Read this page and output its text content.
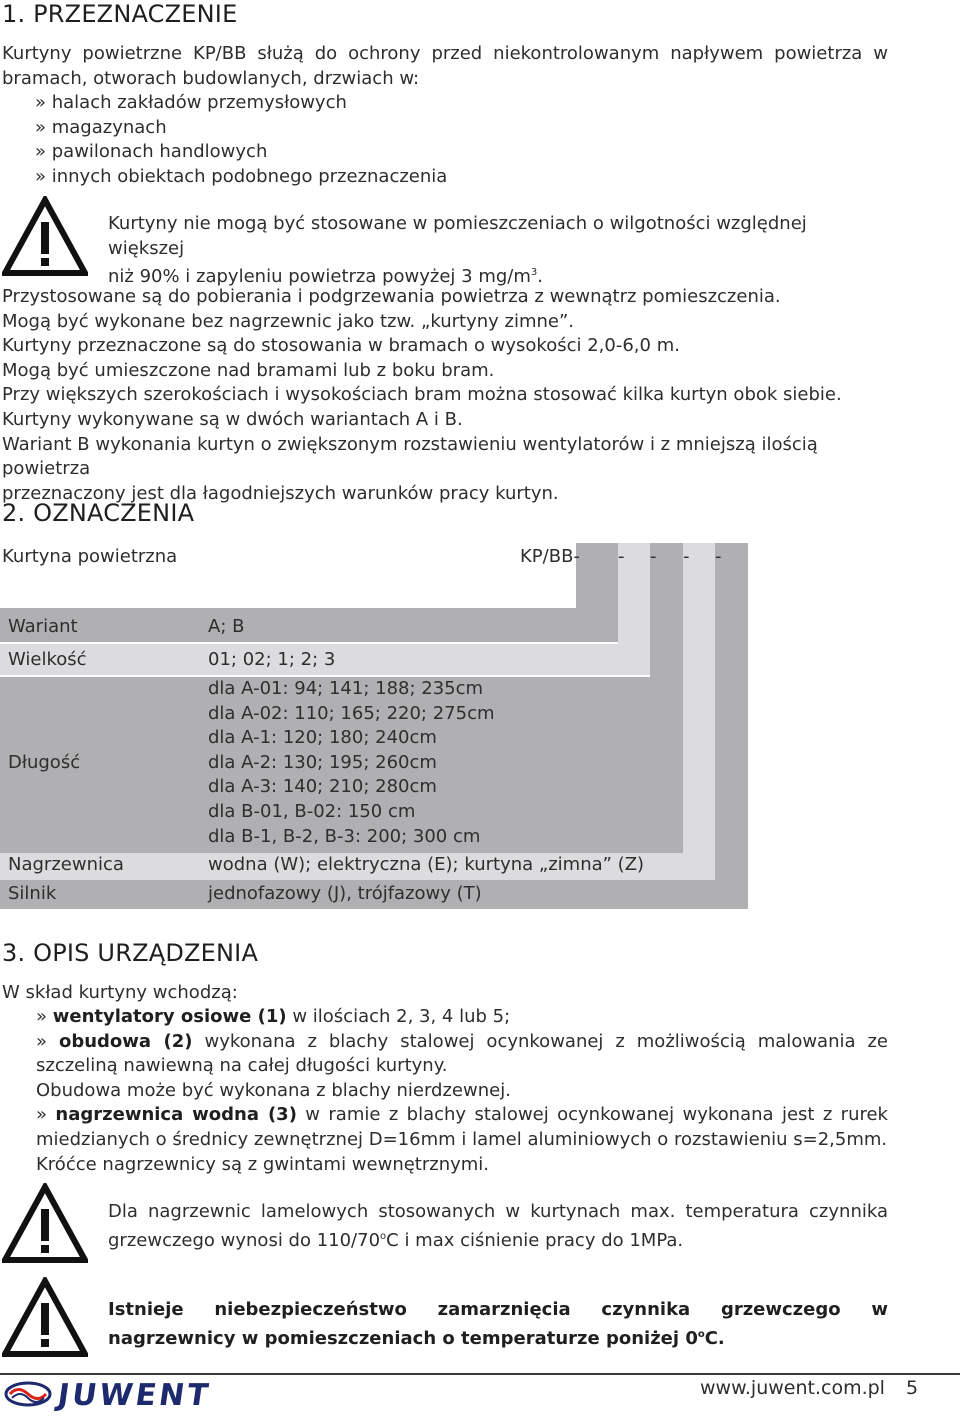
1. PRZEZNACZENIE

Kurtyny powietrzne KP/BB służą do ochrony przed niekontrolowanym napływem powietrza w bramach, otworach budowlanych, drzwiach w:

» halach zakładów przemysłowych
» magazynach
» pawilonach handlowych
» innych obiektach podobnego przeznaczenia

Kurtyny nie mogą być stosowane w pomieszczeniach o wilgotności względnej większej

niż 90% i zapyleniu powietrza powyżej 3 $mg/m^3$.

Przystosowane są do pobierania i podgrzewania powietrza z wewnątrz pomieszczenia.

Mogą być wykonane bez nagrzewnic jako tzw. „kurtyny zimne”.

Kurtyny przeznaczone są do stosowania w bramach o wysokości 2,0-6,0 m.

Mogą być umieszczone nad bramami lub z boku bram.

Przy większych szerokościach i wysokościach bram można stosować kilka kurtyn obok siebie.

Kurtyny wykonywane są w dwóch wariantach A i B.

Wariant B wykonania kurtyn o zwiększonym rozstawieniu wentylatorów i z mniejszą ilością powietrza

przeznaczony jest dla łagodniejszych warunków pracy kurtyn.

2. OZNACZENIA
Kurtyna powietrzna	KP/BB- - - - -
Wariant	A; B
Wielkość	01; 02; 1; 2; 3
Długość

dla A-01: 94; 141; 188; 235cm

dla A-02: 110; 165; 220; 275cm

dla A-1: 120; 180; 240cm

dla A-2: 130; 195; 260cm

dla A-3: 140; 210; 280cm

dla B-01, B-02: 150 cm

dla B-1, B-2, B-3: 200; 300 cm

Nagrzewnica	wodna (W); elektryczna (E); kurtyna „zimna” (Z)
Silnik	jednofazowy (J), trójfazowy (T)
3. OPIS URZĄDZENIA

W skład kurtyny wchodzą:

» wentylatory osiowe (1) w ilościach 2, 3, 4 lub 5;

» obudowa (2) wykonana z blachy stalowej ocynkowanej z możliwością malowania ze szczeliną nawiewną na całej długości kurtyny.

Obudowa może być wykonana z blachy nierdzewnej.

» nagrzewnica wodna (3) w ramie z blachy stalowej ocynkowanej wykonana jest z rurek miedzianych o średnicy zewnętrznej D=16mm i lamel aluminiowych o rozstawieniu s=2,5mm.

Króćce nagrzewnicy są z gwintami wewnętrznymi.

Dla nagrzewnic lamelowych stosowanych w kurtynach max. temperatura czynnika grzewczego wynosi do 110/70$^o$C i max ciśnienie pracy do 1MPa.

Istnieje niebezpieczeństwo zamarznięcia czynnika grzewczego w nagrzewnicy w pomieszczeniach o temperaturze poniżej 0$^o$C.

JUWENT	www.juwent.com.pl 5
